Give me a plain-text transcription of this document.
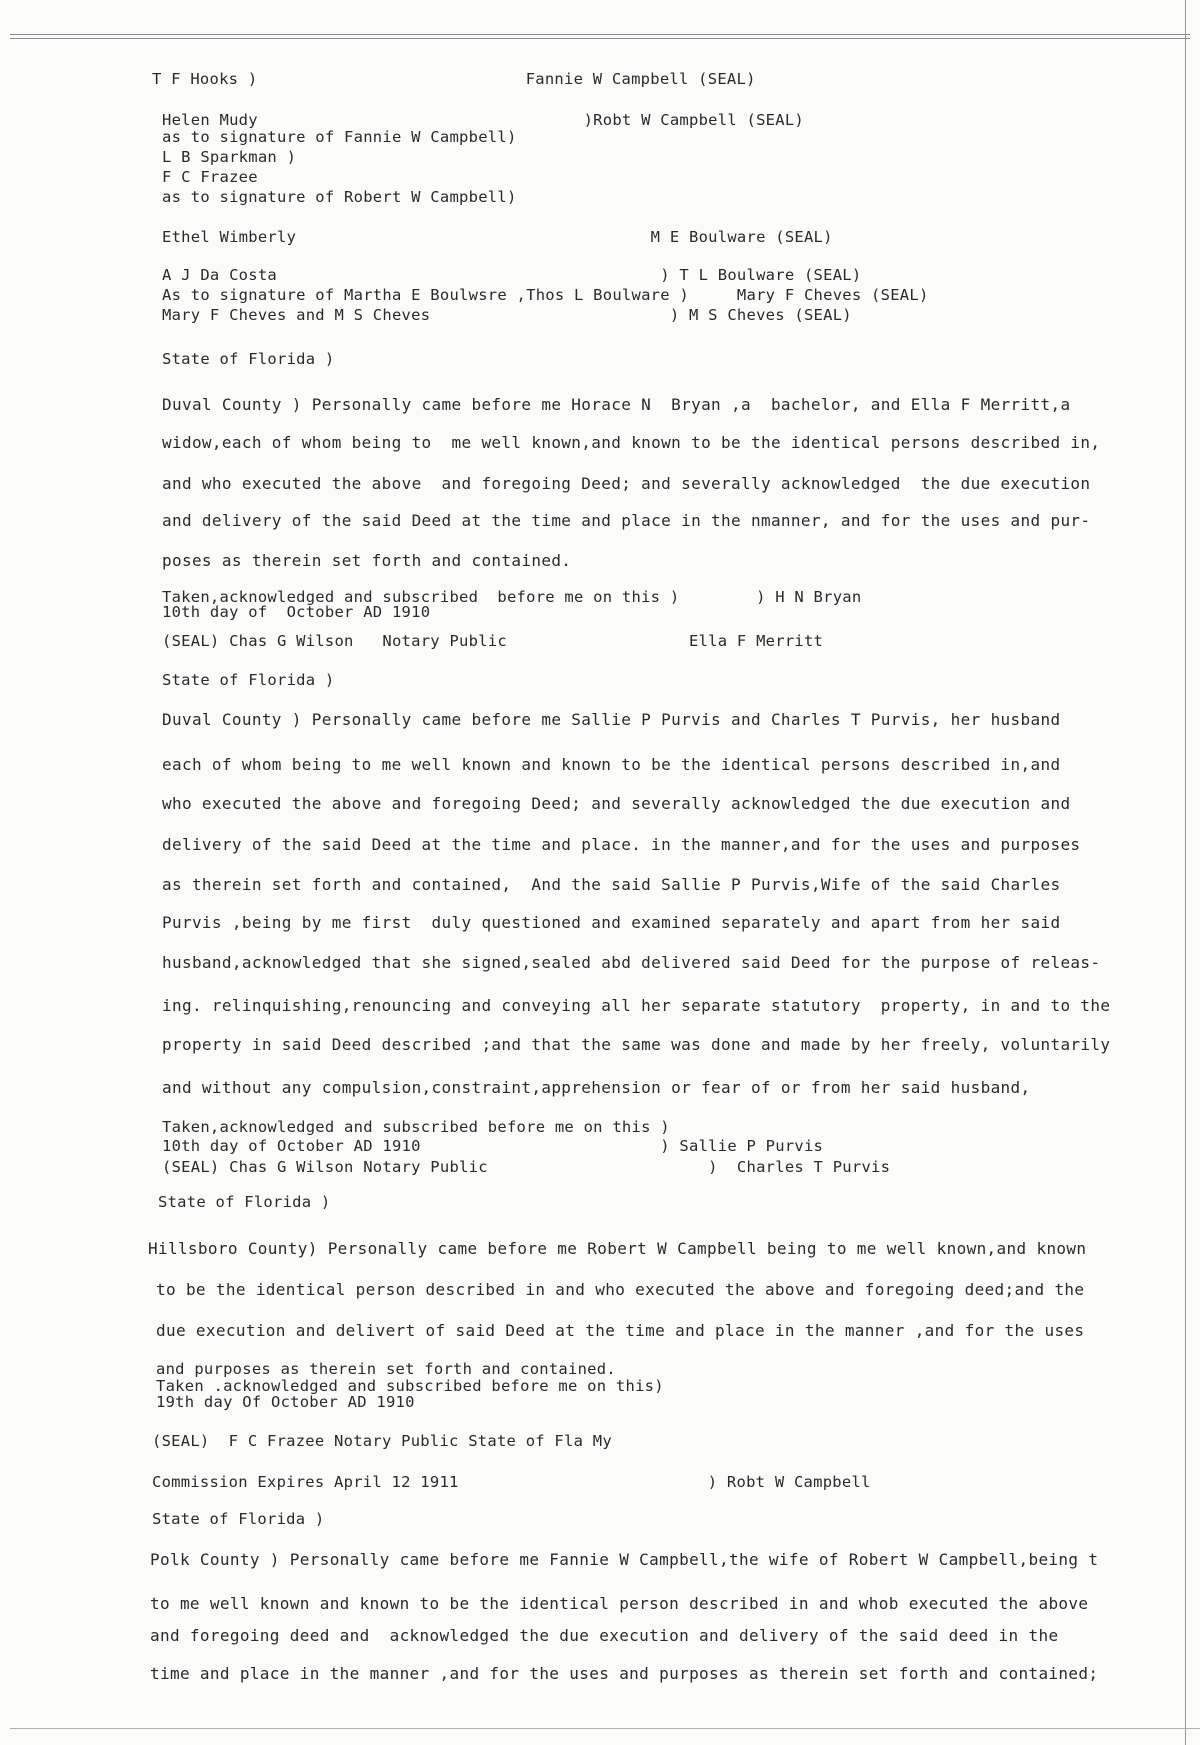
T F Hooks )                            Fannie W Campbell (SEAL)
Helen Mudy                                  )Robt W Campbell (SEAL)
as to signature of Fannie W Campbell)
L B Sparkman )
F C Frazee
as to signature of Robert W Campbell)
Ethel Wimberly                                     M E Boulware (SEAL)
A J Da Costa                                        ) T L Boulware (SEAL)
As to signature of Martha E Boulwsre ,Thos L Boulware )     Mary F Cheves (SEAL)
Mary F Cheves and M S Cheves                         ) M S Cheves (SEAL)
State of Florida )
Duval County ) Personally came before me Horace N  Bryan ,a  bachelor, and Ella F Merritt,a
widow,each of whom being to  me well known,and known to be the identical persons described in,
and who executed the above  and foregoing Deed; and severally acknowledged  the due execution
and delivery of the said Deed at the time and place in the nmanner, and for the uses and pur-
poses as therein set forth and contained.
Taken,acknowledged and subscribed  before me on this )        ) H N Bryan
10th day of  October AD 1910
(SEAL) Chas G Wilson   Notary Public                   Ella F Merritt
State of Florida )
Duval County ) Personally came before me Sallie P Purvis and Charles T Purvis, her husband
each of whom being to me well known and known to be the identical persons described in,and
who executed the above and foregoing Deed; and severally acknowledged the due execution and
delivery of the said Deed at the time and place. in the manner,and for the uses and purposes
as therein set forth and contained,  And the said Sallie P Purvis,Wife of the said Charles
Purvis ,being by me first  duly questioned and examined separately and apart from her said
husband,acknowledged that she signed,sealed abd delivered said Deed for the purpose of releas-
ing. relinquishing,renouncing and conveying all her separate statutory  property, in and to the
property in said Deed described ;and that the same was done and made by her freely, voluntarily
and without any compulsion,constraint,apprehension or fear of or from her said husband,
Taken,acknowledged and subscribed before me on this )
10th day of October AD 1910                         ) Sallie P Purvis
(SEAL) Chas G Wilson Notary Public                       )  Charles T Purvis
State of Florida )
Hillsboro County) Personally came before me Robert W Campbell being to me well known,and known
to be the identical person described in and who executed the above and foregoing deed;and the
due execution and delivert of said Deed at the time and place in the manner ,and for the uses
and purposes as therein set forth and contained.
Taken .acknowledged and subscribed before me on this)
19th day Of October AD 1910
(SEAL)  F C Frazee Notary Public State of Fla My
Commission Expires April 12 1911                          ) Robt W Campbell
State of Florida )
Polk County ) Personally came before me Fannie W Campbell,the wife of Robert W Campbell,being t
to me well known and known to be the identical person described in and whob executed the above
and foregoing deed and  acknowledged the due execution and delivery of the said deed in the
time and place in the manner ,and for the uses and purposes as therein set forth and contained;
